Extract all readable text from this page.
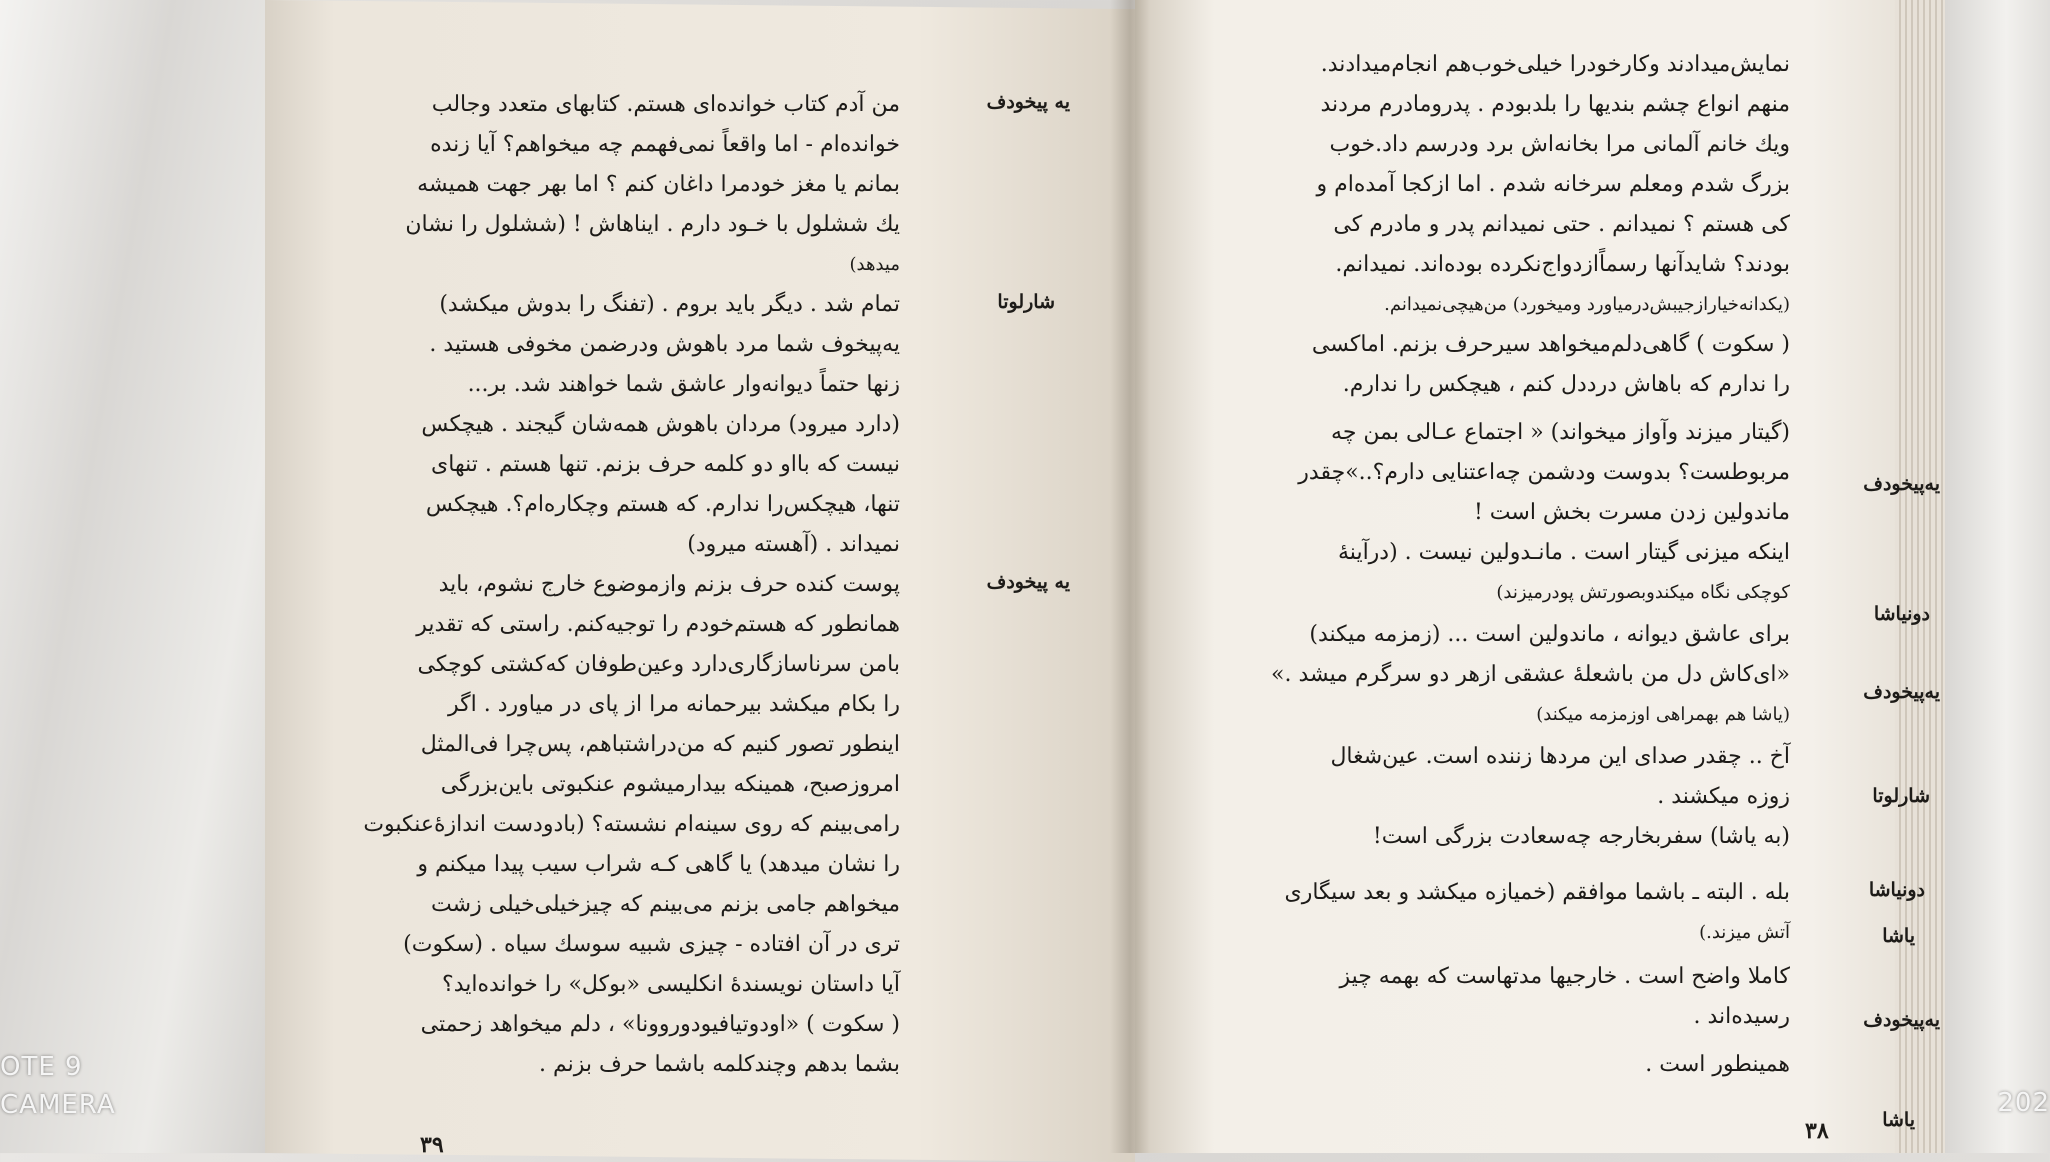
یه پیخودف
من آدم کتاب خوانده‌ای هستم. کتابهای متعدد وجالب
خوانده‌ام - اما واقعاً نمی‌فهمم چه میخواهم؟ آیا زنده
بمانم یا مغز خودمرا داغان کنم ؟ اما بهر جهت همیشه
یك ششلول با خـود دارم . ایناهاش ! (ششلول را نشان
میدهد)
شارلوتا
تمام شد . دیگر باید بروم . (تفنگ را بدوش میکشد)
یه‌پیخوف شما مرد باهوش ودرضمن مخوفی هستید .
زنها حتماً دیوانه‌وار عاشق شما خواهند شد. بر...
(دارد میرود) مردان باهوش همه‌شان گیجند . هیچکس
نیست که بااو دو کلمه حرف بزنم. تنها هستم . تنهای
تنها، هیچکس‌را ندارم. که هستم وچکاره‌ام؟. هیچکس
نمیداند . (آهسته میرود)
یه پیخودف
پوست کنده حرف بزنم وازموضوع خارج نشوم، باید
همانطور که هستم‌خودم را توجیه‌کنم. راستی که تقدیر
بامن سرناسازگاری‌دارد وعین‌طوفان که‌کشتی کوچکی
را بکام میکشد بیرحمانه مرا از پای در میاورد . اگر
اینطور تصور کنیم که من‌دراشتباهم، پس‌چرا فی‌المثل
امروزصبح، همینکه بیدارمیشوم عنکبوتی باین‌بزرگی
رامی‌بینم که روی سینه‌ام نشسته؟ (بادودست اندازهٔ‌عنکبوت
را نشان میدهد) یا گاهی کـه شراب سیب پیدا میکنم و
میخواهم جامی بزنم می‌بینم که چیزخیلی‌خیلی زشت
تری در آن افتاده - چیزی شبیه سوسك سیاه . (سکوت)
آیا داستان نویسندهٔ انکلیسی «بوکل» را خوانده‌اید؟
( سکوت ) «اودوتیافیودوروونا» ، دلم میخواهد زحمتی
بشما بدهم وچندکلمه باشما حرف بزنم .
۳۹
نمایش‌میدادند وکارخودرا خیلی‌خوب‌هم انجام‌میدادند.
منهم انواع چشم بندیها را بلدبودم . پدرومادرم مردند
ویك خانم آلمانی مرا بخانه‌اش برد ودرسم داد.خوب
بزرگ شدم ومعلم سرخانه شدم . اما ازکجا آمده‌ام و
کی هستم ؟ نمیدانم . حتی نمیدانم پدر و مادرم کی
بودند؟ شایدآنها رسماًازدواج‌نکرده بوده‌اند. نمیدانم.
(یکدانه‌خیارازجیبش‌درمیاورد ومیخورد) من‌هیچی‌نمیدانم.
( سکوت ) گاهی‌دلم‌میخواهد سیرحرف بزنم. اماکسی
را ندارم که باهاش درددل کنم ، هیچکس را ندارم.
یه‌پیخودف
(گیتار میزند وآواز میخواند) « اجتماع عـالی بمن چه
مربوطست؟ بدوست ودشمن چه‌اعتنایی دارم؟..»چقدر
ماندولین زدن مسرت بخش است !
دونیاشا
اینکه میزنی گیتار است . مانـدولین نیست . (درآینهٔ
کوچکی نگاه میکندوبصورتش پودرمیزند)
یه‌پیخودف
برای عاشق دیوانه ، ماندولین است ... (زمزمه میکند)
«ای‌کاش دل من باشعلهٔ عشقی ازهر دو سرگرم میشد .»
(یاشا هم بهمراهی اوزمزمه میکند)
شارلوتا
آخ .. چقدر صدای این مردها زننده است. عین‌شغال
زوزه میکشند .
دونیاشا
(به یاشا) سفربخارجه چه‌سعادت بزرگی است!
یاشا
بله . البته ـ باشما موافقم (خمیازه میکشد و بعد سیگاری
آتش میزند.)
یه‌پیخودف
کاملا واضح است . خارجیها مدتهاست که بهمه چیز
رسیده‌اند .
یاشا
همینطور است .
۳۸
OTE 9
CAMERA	202
